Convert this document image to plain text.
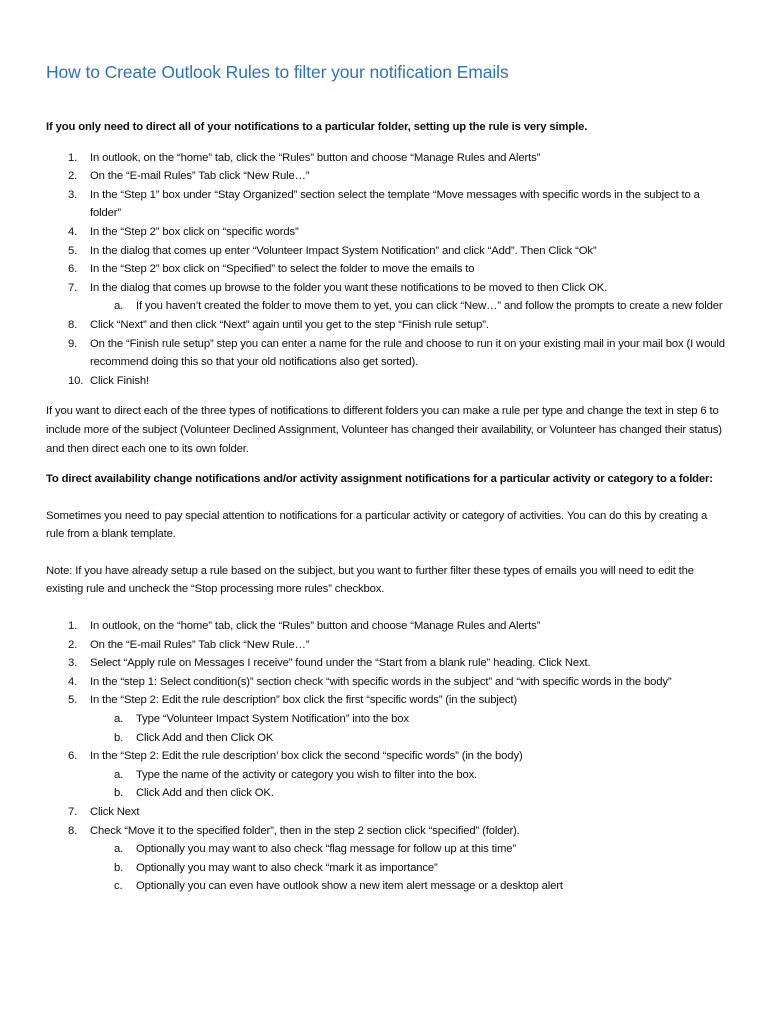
How to Create Outlook Rules to filter your notification Emails

If you only need to direct all of your notifications to a particular folder, setting up the rule is very simple.

1. In outlook, on the “home” tab, click the “Rules” button and choose “Manage Rules and Alerts”
2. On the “E-mail Rules” Tab click “New Rule…”
3. In the “Step 1” box under “Stay Organized” section select the template “Move messages with specific words in the subject to a folder”
4. In the “Step 2” box click on “specific words”
5. In the dialog that comes up enter “Volunteer Impact System Notification” and click “Add”. Then Click “Ok”
6. In the “Step 2” box click on “Specified” to select the folder to move the emails to
7. In the dialog that comes up browse to the folder you want these notifications to be moved to then Click OK.
a. If you haven’t created the folder to move them to yet, you can click “New…” and follow the prompts to create a new folder
8. Click “Next” and then click “Next” again until you get to the step “Finish rule setup”.
9. On the “Finish rule setup” step you can enter a name for the rule and choose to run it on your existing mail in your mail box (I would recommend doing this so that your old notifications also get sorted).
10. Click Finish!

If you want to direct each of the three types of notifications to different folders you can make a rule per type and change the text in step 6 to include more of the subject (Volunteer Declined Assignment, Volunteer has changed their availability, or Volunteer has changed their status) and then direct each one to its own folder.

To direct availability change notifications and/or activity assignment notifications for a particular activity or category to a folder:

Sometimes you need to pay special attention to notifications for a particular activity or category of activities. You can do this by creating a rule from a blank template.

Note: If you have already setup a rule based on the subject, but you want to further filter these types of emails you will need to edit the existing rule and uncheck the “Stop processing more rules” checkbox.

1. In outlook, on the “home” tab, click the “Rules” button and choose “Manage Rules and Alerts”
2. On the “E-mail Rules” Tab click “New Rule…”
3. Select “Apply rule on Messages I receive” found under the “Start from a blank rule” heading. Click Next.
4. In the “step 1: Select condition(s)” section check “with specific words in the subject” and “with specific words in the body”
5. In the “Step 2: Edit the rule description” box click the first “specific words” (in the subject)
a. Type “Volunteer Impact System Notification” into the box
b. Click Add and then Click OK
6. In the “Step 2: Edit the rule description’ box click the second “specific words” (in the body)
a. Type the name of the activity or category you wish to filter into the box.
b. Click Add and then click OK.
7. Click Next
8. Check “Move it to the specified folder”, then in the step 2 section click “specified” (folder).
a. Optionally you may want to also check “flag message for follow up at this time”
b. Optionally you may want to also check “mark it as importance”
c. Optionally you can even have outlook show a new item alert message or a desktop alert
